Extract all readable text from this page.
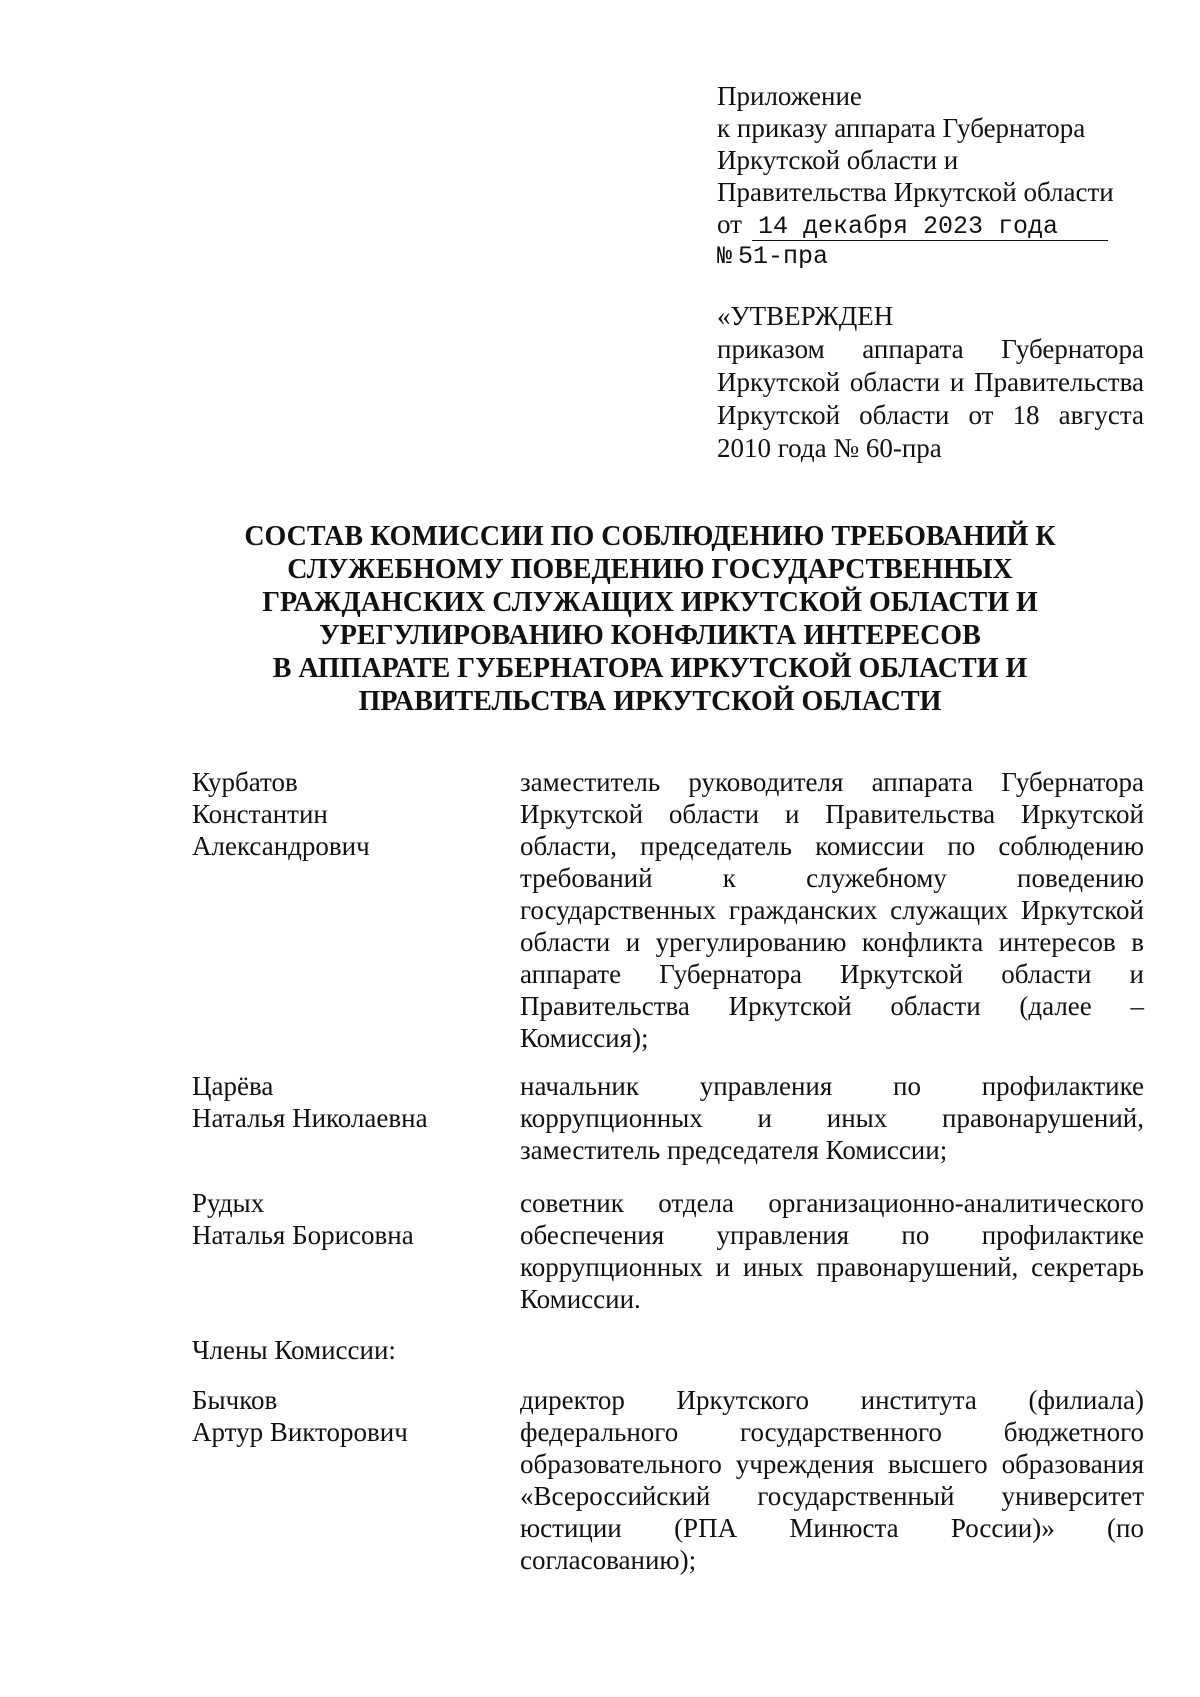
Приложение
к приказу аппарата Губернатора
Иркутской области и
Правительства Иркутской области
от 14 декабря 2023 года
№ 51-пра
«УТВЕРЖДЕН
приказом аппарата Губернатора Иркутской области и Правительства Иркутской области от 18 августа 2010 года № 60-пра
СОСТАВ КОМИССИИ ПО СОБЛЮДЕНИЮ ТРЕБОВАНИЙ К
СЛУЖЕБНОМУ ПОВЕДЕНИЮ ГОСУДАРСТВЕННЫХ
ГРАЖДАНСКИХ СЛУЖАЩИХ ИРКУТСКОЙ ОБЛАСТИ И
УРЕГУЛИРОВАНИЮ КОНФЛИКТА ИНТЕРЕСОВ
В АППАРАТЕ ГУБЕРНАТОРА ИРКУТСКОЙ ОБЛАСТИ И
ПРАВИТЕЛЬСТВА ИРКУТСКОЙ ОБЛАСТИ
Курбатов
Константин
Александрович
заместитель руководителя аппарата Губернатора Иркутской области и Правительства Иркутской области, председатель комиссии по соблюдению требований к служебному поведению государственных гражданских служащих Иркутской области и урегулированию конфликта интересов в аппарате Губернатора Иркутской области и Правительства Иркутской области (далее – Комиссия);
Царёва
Наталья Николаевна
начальник управления по профилактике коррупционных и иных правонарушений, заместитель председателя Комиссии;
Рудых
Наталья Борисовна
советник отдела организационно-аналитического обеспечения управления по профилактике коррупционных и иных правонарушений, секретарь Комиссии.
Члены Комиссии:
Бычков
Артур Викторович
директор Иркутского института (филиала) федерального государственного бюджетного образовательного учреждения высшего образования «Всероссийский государственный университет юстиции (РПА Минюста России)» (по согласованию);
